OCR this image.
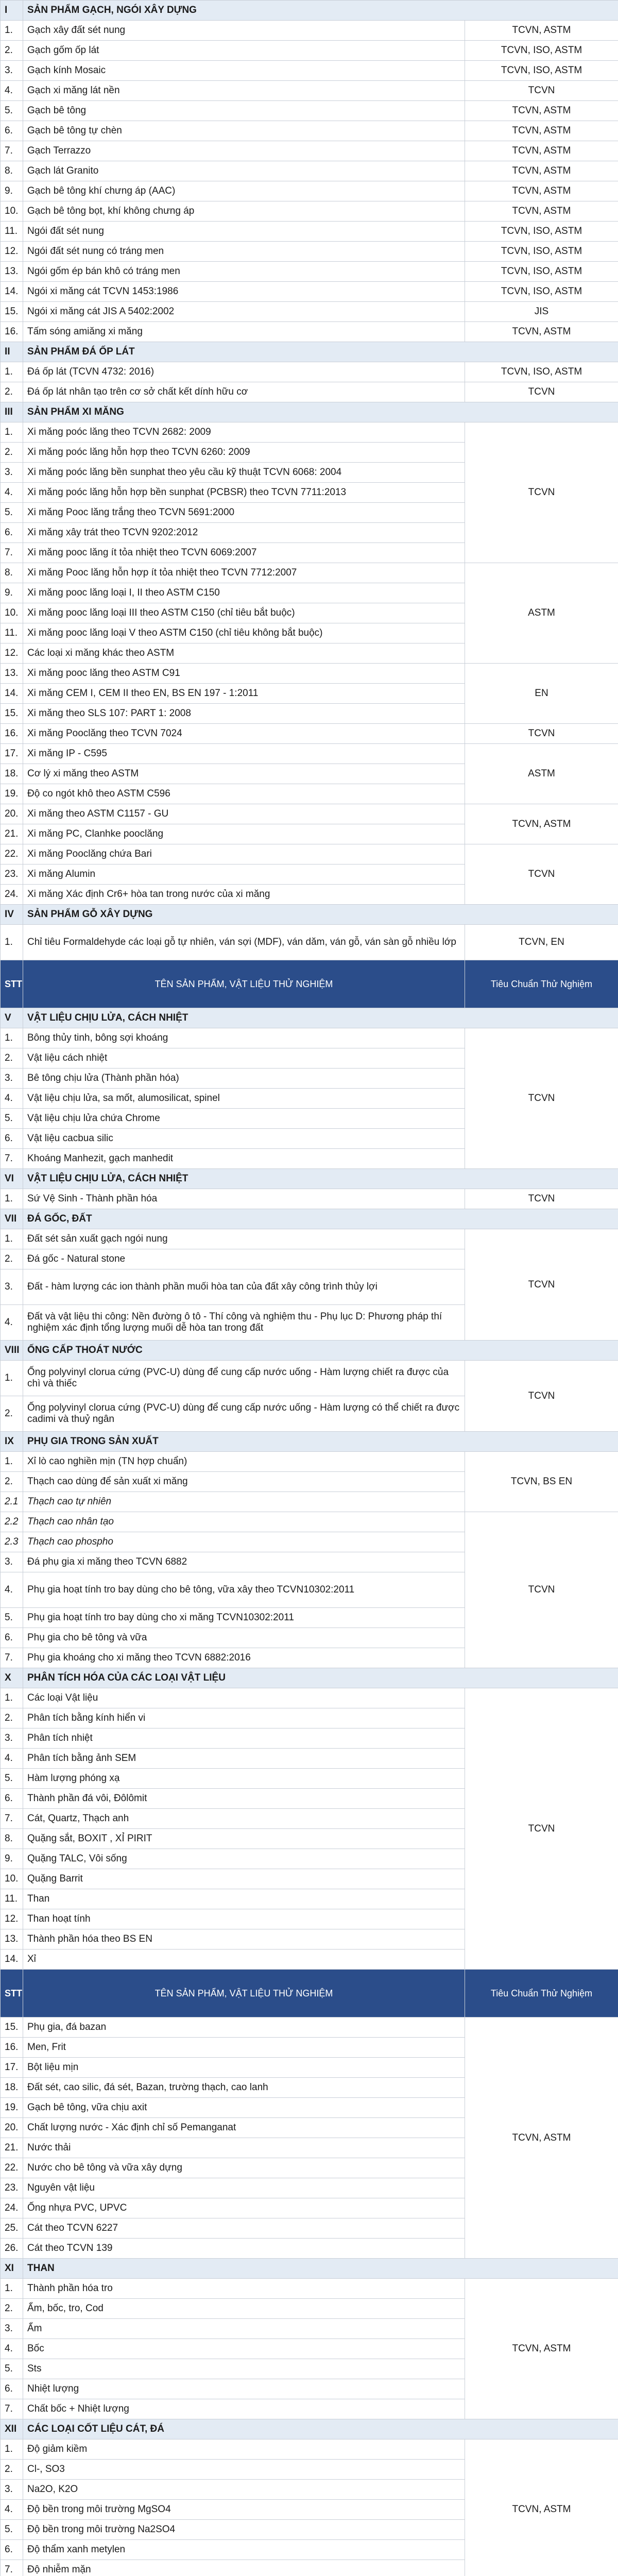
I	SẢN PHẨM GẠCH, NGÓI XÂY DỰNG	
1.	Gạch xây đất sét nung	TCVN, ASTM
2.	Gạch gốm ốp lát	TCVN, ISO, ASTM
3.	Gạch kính Mosaic	TCVN, ISO, ASTM
4.	Gạch xi măng lát nền	TCVN
5.	Gạch bê tông	TCVN, ASTM
6.	Gạch bê tông tự chèn	TCVN, ASTM
7.	Gạch Terrazzo	TCVN, ASTM
8.	Gạch lát Granito	TCVN, ASTM
9.	Gạch bê tông khí chưng áp (AAC)	TCVN, ASTM
10.	Gạch bê tông bọt, khí không chưng áp	TCVN, ASTM
11.	Ngói đất sét nung	TCVN, ISO, ASTM
12.	Ngói đất sét nung có tráng men	TCVN, ISO, ASTM
13.	Ngói gốm ép bán khô có tráng men	TCVN, ISO, ASTM
14.	Ngói xi măng cát TCVN 1453:1986	TCVN, ISO, ASTM
15.	Ngói xi măng cát JIS A 5402:2002	JIS
16.	Tấm sóng amiăng xi măng	TCVN, ASTM
II	SẢN PHẨM ĐÁ ỐP LÁT	
1.	Đá ốp lát (TCVN 4732: 2016)	TCVN, ISO, ASTM
2.	Đá ốp lát nhân tạo trên cơ sở chất kết dính hữu cơ	TCVN
III	SẢN PHẨM XI MĂNG	
1.	Xi măng poóc lăng theo TCVN 2682: 2009	TCVN
2.	Xi măng poóc lăng hỗn hợp theo TCVN 6260: 2009	
3.	Xi măng poóc lăng bền sunphat theo yêu cầu kỹ thuật TCVN 6068: 2004	
4.	Xi măng poóc lăng hỗn hợp bền sunphat (PCBSR) theo TCVN 7711:2013	
5.	Xi măng Pooc lăng trắng theo TCVN 5691:2000	
6.	Xi măng xây trát theo TCVN 9202:2012	
7.	Xi măng pooc lăng ít tỏa nhiệt theo TCVN 6069:2007	
8.	Xi măng Pooc lăng hỗn hợp ít tỏa nhiệt theo TCVN 7712:2007	ASTM
9.	Xi măng pooc lăng loại I, II theo ASTM C150	
10.	Xi măng pooc lăng loại III theo ASTM C150 (chỉ tiêu bắt buộc)	
11.	Xi măng pooc lăng loại V theo ASTM C150 (chỉ tiêu không bắt buộc)	
12.	Các loại xi măng khác theo ASTM	
13.	Xi măng pooc lăng theo ASTM C91	EN
14.	Xi măng CEM I, CEM II theo EN, BS EN 197 - 1:2011	
15.	Xi măng theo SLS 107: PART 1: 2008	
16.	Xi măng Pooclăng theo TCVN 7024	TCVN
17.	Xi măng IP - C595	ASTM
18.	Cơ lý xi măng theo ASTM	
19.	Độ co ngót khô theo ASTM C596	
20.	Xi măng theo ASTM C1157 - GU	TCVN, ASTM
21.	Xi măng PC, Clanhke pooclăng	
22.	Xi măng Pooclăng chứa Bari	TCVN
23.	Xi măng Alumin	
24.	Xi măng Xác định Cr6+ hòa tan trong nước của xi măng	
IV	SẢN PHẨM GỖ XÂY DỰNG	
1.	Chỉ tiêu Formaldehyde các loại gỗ tự nhiên, ván sợi (MDF), ván dăm, ván gỗ, ván sàn gỗ nhiều lớp	TCVN, EN
STT	TÊN SẢN PHẨM, VẬT LIỆU THỬ NGHIỆM	Tiêu Chuẩn Thử Nghiệm
V	VẬT LIỆU CHỊU LỬA, CÁCH NHIỆT	
1.	Bông thủy tinh, bông sợi khoáng	TCVN
2.	Vật liệu cách nhiệt	
3.	Bê tông chịu lửa (Thành phần hóa)	
4.	Vật liệu chịu lửa, sa mốt, alumosilicat, spinel	
5.	Vật liệu chịu lửa chứa Chrome	
6.	Vật liệu cacbua silic	
7.	Khoáng Manhezit, gạch manhedit	
VI	VẬT LIỆU CHỊU LỬA, CÁCH NHIỆT	
1.	Sứ Vệ Sinh - Thành phần hóa	TCVN
VII	ĐÁ GỐC, ĐẤT	
1.	Đất sét sản xuất gạch ngói nung	TCVN
2.	Đá gốc - Natural stone	
3.	Đất - hàm lượng các ion thành phần muối hòa tan của đất xây công trình thủy lợi	
4.	Đất và vật liệu thi công: Nền đường ô tô - Thí công và nghiệm thu - Phụ lục D: Phương pháp thí nghiệm xác định tổng lượng muối dễ hòa tan trong đất	
VIII	ỐNG CẤP THOÁT NƯỚC	
1.	Ống polyvinyl clorua cứng (PVC-U) dùng để cung cấp nước uống - Hàm lượng chiết ra được của chì và thiếc	TCVN
2.	Ống polyvinyl clorua cứng (PVC-U) dùng để cung cấp nước uống - Hàm lượng có thể chiết ra được cadimi và thuỷ ngân	
IX	PHỤ GIA TRONG SẢN XUẤT	
1.	Xỉ lò cao nghiền mịn (TN hợp chuẩn)	TCVN, BS EN
2.	Thạch cao dùng để sản xuất xi măng	
2.1	Thạch cao tự nhiên	
2.2	Thạch cao nhân tạo	TCVN
2.3	Thạch cao phospho	
3.	Đá phụ gia xi măng theo TCVN 6882	
4.	Phụ gia hoạt tính tro bay dùng cho bê tông, vữa xây theo TCVN10302:2011	
5.	Phụ gia hoạt tính tro bay dùng cho xi măng TCVN10302:2011	
6.	Phụ gia cho bê tông và vữa	
7.	Phụ gia khoáng cho xi măng theo TCVN 6882:2016	
X	PHÂN TÍCH HÓA CỦA CÁC LOẠI VẬT LIỆU	
1.	Các loại Vật liệu	TCVN
2.	Phân tích bằng kính hiển vi	
3.	Phân tích nhiệt	
4.	Phân tích bằng ảnh SEM	
5.	Hàm lượng phóng xạ	
6.	Thành phần đá vôi, Đôlômit	
7.	Cát, Quartz, Thạch anh	
8.	Quặng sắt, BOXIT , XỈ PIRIT	
9.	Quặng TALC, Vôi sống	
10.	Quặng Barrit	
11.	Than	
12.	Than hoạt tính	
13.	Thành phần hóa theo BS EN	
14.	Xỉ	
STT	TÊN SẢN PHẨM, VẬT LIỆU THỬ NGHIỆM	Tiêu Chuẩn Thử Nghiệm
15.	Phụ gia, đá bazan	TCVN, ASTM
16.	Men, Frit	
17.	Bột liệu mịn	
18.	Đất sét, cao silic, đá sét, Bazan, trường thạch, cao lanh	
19.	Gạch bê tông, vữa chịu axit	
20.	Chất lượng nước - Xác định chỉ số Pemanganat	
21.	Nước thải	
22.	Nước cho bê tông và vữa xây dựng	
23.	Nguyên vật liệu	
24.	Ống nhựa PVC, UPVC	
25.	Cát theo TCVN 6227	
26.	Cát theo TCVN 139	
XI	THAN	
1.	Thành phần hóa tro	TCVN, ASTM
2.	Ẩm, bốc, tro, Cod	
3.	Ẩm	
4.	Bốc	
5.	Sts	
6.	Nhiệt lượng	
7.	Chất bốc + Nhiệt lượng	
XII	CÁC LOẠI CỐT LIỆU CÁT, ĐÁ	
1.	Độ giảm kiềm	TCVN, ASTM
2.	Cl-, SO3	
3.	Na2O, K2O	
4.	Độ bền trong môi trường MgSO4	
5.	Độ bền trong môi trường Na2SO4	
6.	Độ thẩm xanh metylen	
7.	Độ nhiễm mặn	
